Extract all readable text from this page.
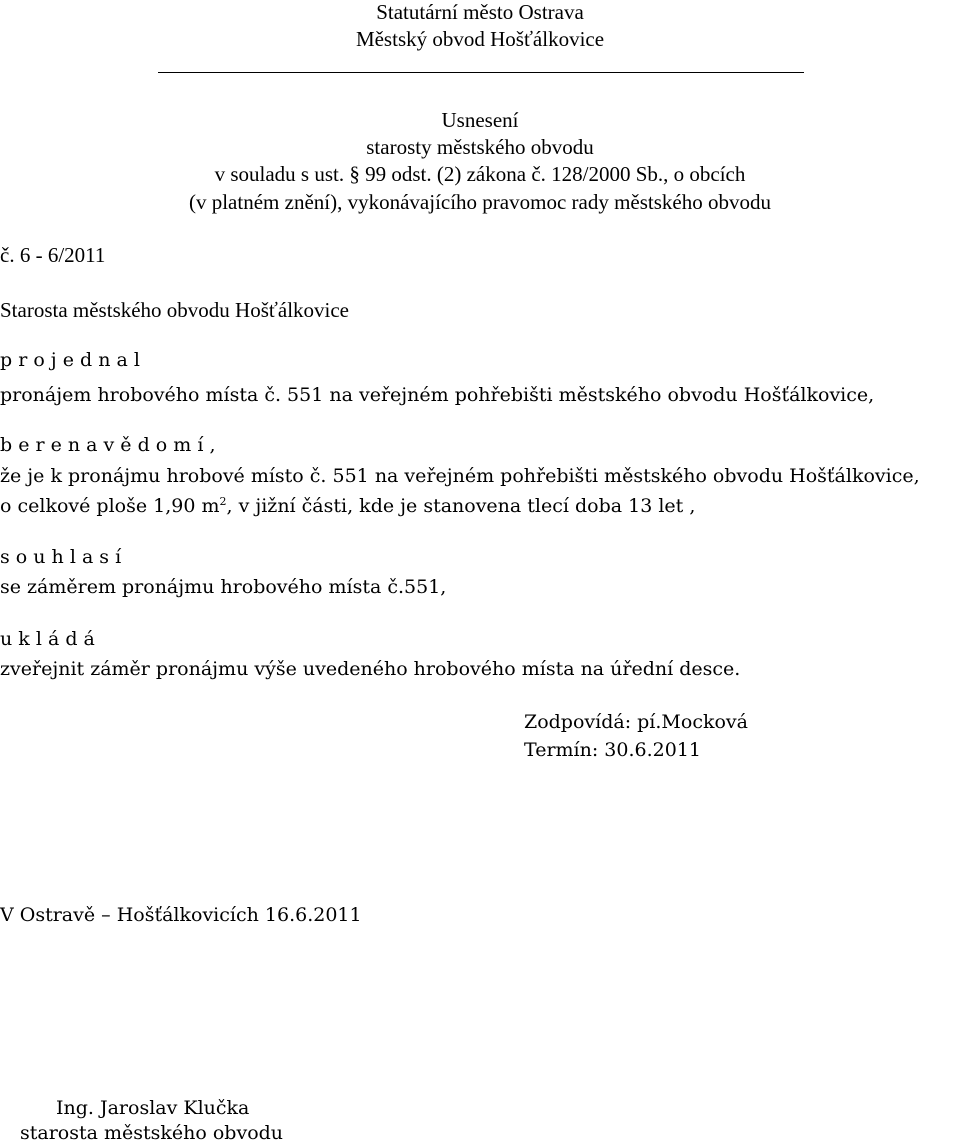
Statutární město Ostrava
Městský obvod Hošťálkovice
Usnesení
starosty městského obvodu
v souladu s ust. § 99 odst. (2) zákona č. 128/2000 Sb., o obcích
(v platném znění), vykonávajícího pravomoc rady městského obvodu
č. 6 - 6/2011
Starosta městského obvodu Hošťálkovice
p r o j e d n a l
pronájem hrobového místa č. 551 na veřejném pohřebišti městského obvodu Hošťálkovice,
b e r e n a v ě d o m í ,
že je k pronájmu hrobové místo č. 551 na veřejném pohřebišti městského obvodu Hošťálkovice,
o celkové ploše 1,90 $m^2$, v jižní části, kde je stanovena tlecí doba 13 let ,
s o u h l a s í
se záměrem pronájmu hrobového místa č.551,
u k l á d á
zveřejnit záměr pronájmu výše uvedeného hrobového místa na úřední desce.
Zodpovídá: pí.Mocková
Termín: 30.6.2011
V Ostravě – Hošťálkovicích 16.6.2011
Ing. Jaroslav Klučka
starosta městského obvodu
